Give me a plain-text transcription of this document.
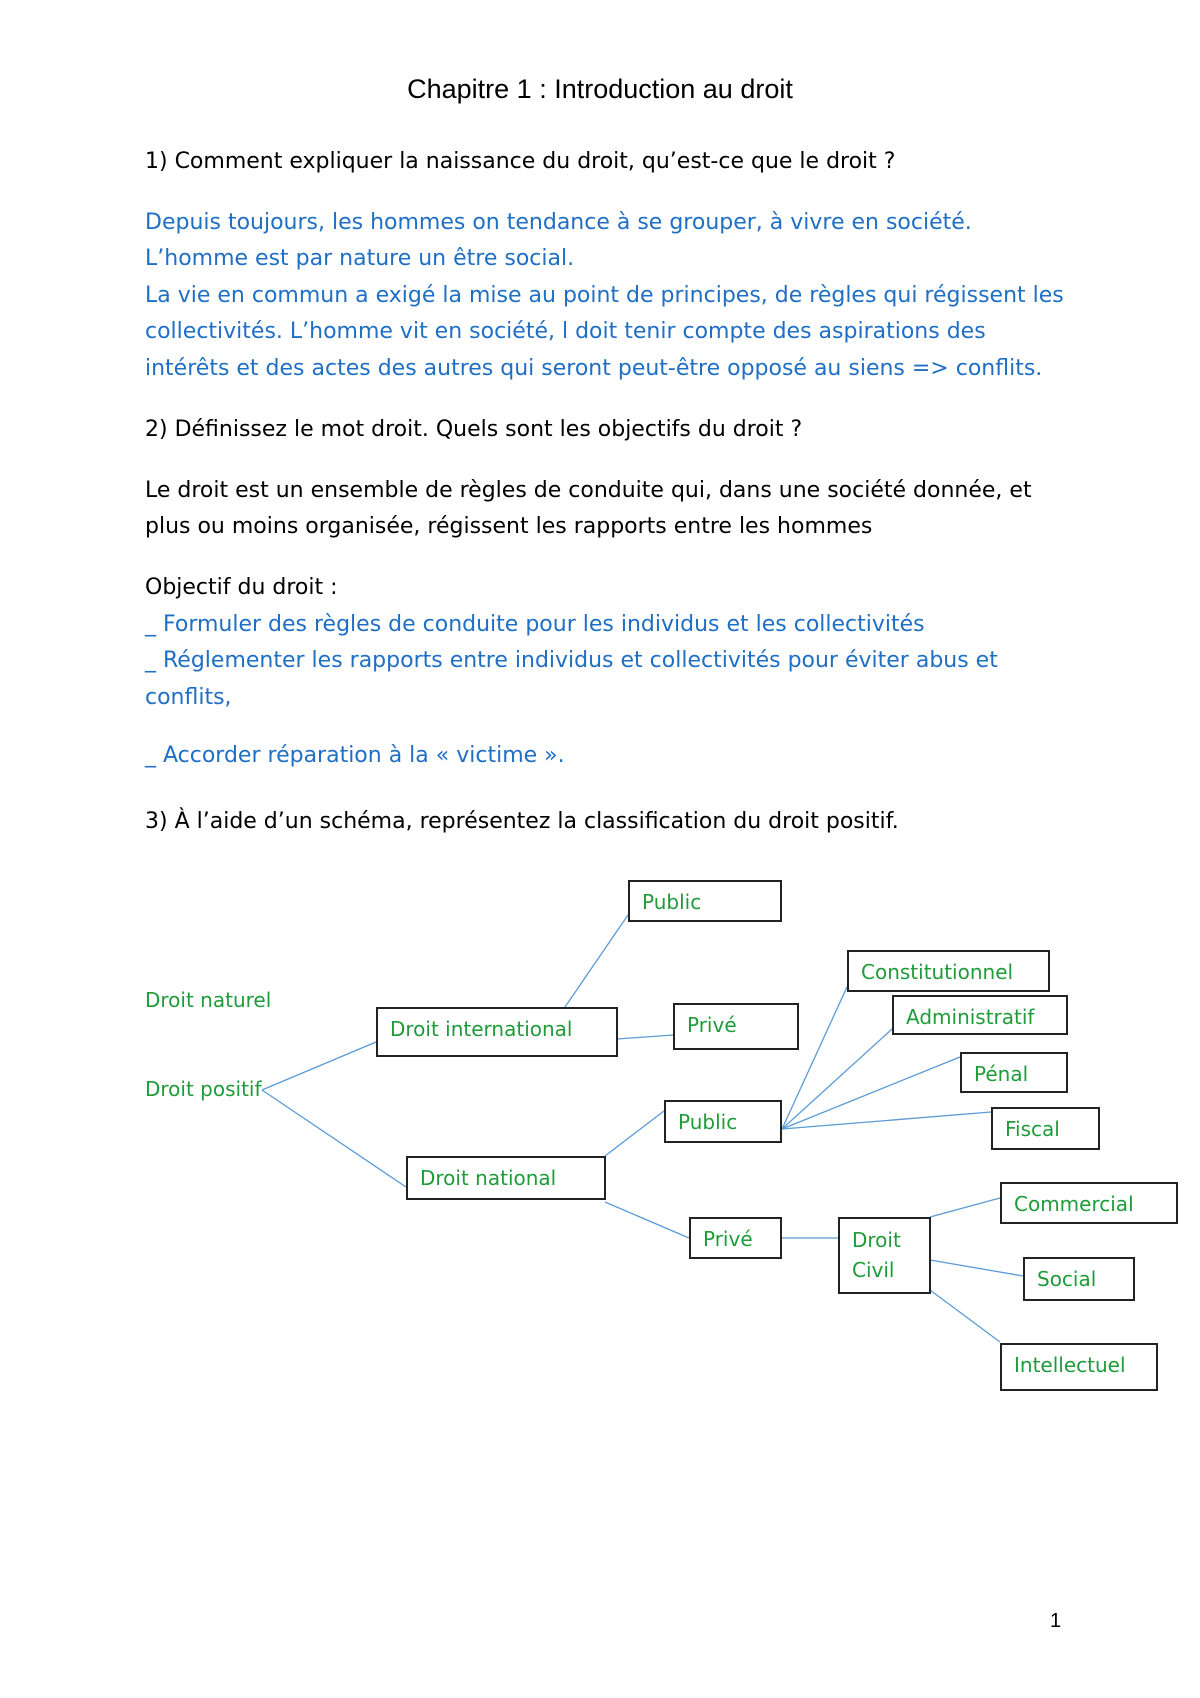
Chapitre 1 : Introduction au droit
1) Comment expliquer la naissance du droit, qu’est-ce que le droit ?
Depuis toujours, les hommes on tendance à se grouper, à vivre en société.
L’homme est par nature un être social.
La vie en commun a exigé la mise au point de principes, de règles qui régissent les
collectivités. L’homme vit en société, l doit tenir compte des aspirations des
intérêts et des actes des autres qui seront peut-être opposé au siens => conflits.
2) Définissez le mot droit. Quels sont les objectifs du droit ?
Le droit est un ensemble de règles de conduite qui, dans une société donnée, et
plus ou moins organisée, régissent les rapports entre les hommes
Objectif du droit :
_ Formuler des règles de conduite pour les individus et les collectivités
_ Réglementer les rapports entre individus et collectivités pour éviter abus et
conflits,
_ Accorder réparation à la « victime ».
3) À l’aide d’un schéma, représentez la classification du droit positif.
Droit naturel
Droit positif
Droit international
Public
Privé
Droit national
Public
Privé
Constitutionnel
Administratif
Pénal
Fiscal
Droit
Civil
Commercial
Social
Intellectuel
1
